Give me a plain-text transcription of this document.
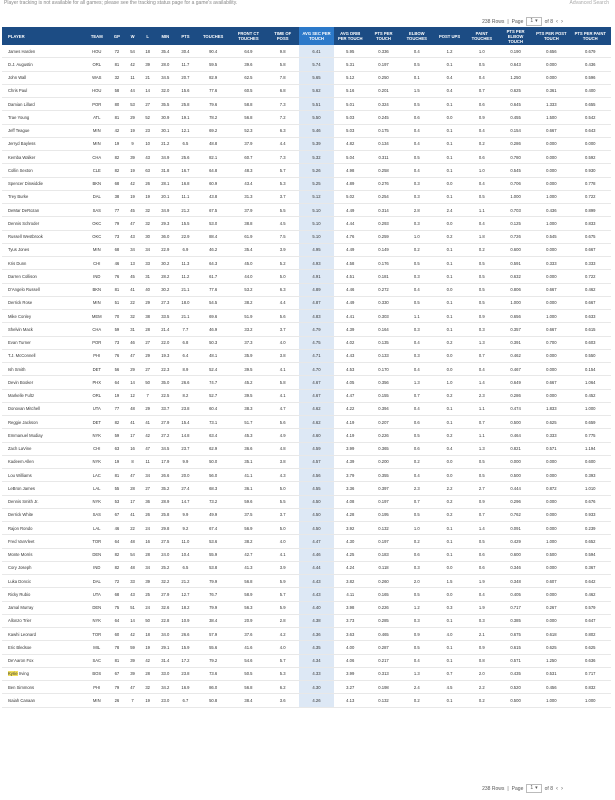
Player tracking is not available for all games; please see the tracking status page for a game's availability.	Advanced Search
238 Rows | Page 1 ▾ of 8 ‹ ›
PLAYER	TEAM	GP	W	L	MIN	PTS	TOUCHES	FRONT CT TOUCHES	TIME OF POSS	AVG SEC PER TOUCH	AVG DRIB PER TOUCH	PTS PER TOUCH	ELBOW TOUCHES	POST UPS	PAINT TOUCHES	PTS PER ELBOW TOUCH	PTS PER POST TOUCH	PTS PER PAINT TOUCH
James Harden	HOU	72	54	18	35.4	30.4	90.4	64.9	9.8	6.41	5.95	0.336	0.4	1.2	1.0	0.190	0.656	0.679
D.J. Augustin	ORL	81	42	39	28.0	11.7	59.5	39.6	5.8	5.74	5.31	0.197	0.5	0.1	0.5	0.643	0.000	0.436
John Wall	WAS	32	11	21	34.5	20.7	82.9	62.5	7.8	5.65	5.12	0.250	0.1	0.4	0.4	1.250	0.000	0.596
Chris Paul	HOU	58	44	14	32.0	15.6	77.6	60.5	6.8	5.62	5.16	0.201	1.5	0.4	0.7	0.625	0.361	0.400
Damian Lillard	POR	80	53	27	35.5	25.8	79.6	58.8	7.3	5.51	5.01	0.324	0.5	0.1	0.6	0.645	1.333	0.655
Trae Young	ATL	81	29	52	30.9	19.1	78.2	56.8	7.2	5.50	5.03	0.245	0.6	0.0	0.9	0.455	1.500	0.542
Jeff Teague	MIN	42	19	23	30.1	12.1	69.2	52.3	6.3	5.46	5.03	0.175	0.4	0.1	0.4	0.154	0.667	0.643
Jerryd Bayless	MIN	19	9	10	21.2	6.5	48.8	37.9	4.4	5.39	4.82	0.134	0.4	0.1	0.2	0.286	0.000	0.000
Kemba Walker	CHA	82	39	43	34.9	25.6	82.1	60.7	7.3	5.32	5.04	0.311	0.5	0.1	0.6	0.780	0.000	0.592
Collin Sexton	CLE	82	19	63	31.8	16.7	64.8	48.3	5.7	5.26	4.98	0.258	0.4	0.1	1.0	0.545	0.000	0.930
Spencer Dinwiddie	BKN	68	42	26	28.1	16.8	60.9	43.4	5.3	5.25	4.89	0.276	0.3	0.0	0.4	0.706	0.000	0.778
Trey Burke	DAL	38	19	19	20.1	11.1	43.8	31.3	3.7	5.12	5.02	0.254	0.3	0.1	0.5	1.000	1.000	0.722
DeMar DeRozan	SAS	77	45	32	34.9	21.2	67.5	37.9	5.5	5.10	4.49	0.314	2.8	2.4	1.1	0.703	0.436	0.899
Dennis Schroder	OKC	79	47	32	29.3	15.5	53.0	38.8	4.5	5.10	4.44	0.293	0.3	0.0	0.4	0.125	1.000	0.833
Russell Westbrook	OKC	73	43	30	36.0	22.9	88.4	61.9	7.5	5.10	4.76	0.259	1.0	0.2	1.8	0.726	0.545	0.675
Tyus Jones	MIN	68	34	34	22.9	6.9	46.2	35.4	3.9	4.95	4.49	0.149	0.2	0.1	0.2	0.600	0.000	0.667
Kris Dunn	CHI	46	13	33	30.2	11.3	64.3	45.0	5.2	4.93	4.58	0.176	0.5	0.1	0.5	0.591	0.333	0.333
Darren Collison	IND	76	45	31	28.2	11.2	61.7	44.0	5.0	4.91	4.51	0.181	0.3	0.1	0.5	0.632	0.000	0.722
D'Angelo Russell	BKN	81	41	40	30.2	21.1	77.6	53.2	6.3	4.89	4.46	0.272	0.4	0.0	0.5	0.806	0.667	0.462
Derrick Rose	MIN	51	22	29	27.3	18.0	54.5	38.2	4.4	4.87	4.49	0.330	0.5	0.1	0.5	1.000	0.000	0.667
Mike Conley	MEM	70	32	38	33.5	21.1	69.6	51.9	5.6	4.83	4.41	0.303	1.1	0.1	0.9	0.656	1.000	0.633
Shelvin Mack	CHA	59	31	28	21.4	7.7	46.9	33.2	3.7	4.79	4.39	0.164	0.3	0.1	0.3	0.357	0.667	0.615
Evan Turner	POR	73	46	27	22.0	6.8	50.3	37.3	4.0	4.75	4.02	0.135	0.4	0.2	1.3	0.391	0.700	0.603
T.J. McConnell	PHI	76	47	29	19.3	6.4	48.1	35.9	3.8	4.71	4.43	0.133	0.3	0.0	0.7	0.462	0.000	0.550
Ish Smith	DET	56	29	27	22.3	8.9	52.4	39.5	4.1	4.70	4.53	0.170	0.4	0.0	0.4	0.467	0.000	0.154
Devin Booker	PHX	64	14	50	35.0	26.6	74.7	45.2	5.8	4.67	4.05	0.356	1.3	1.0	1.4	0.649	0.667	1.064
Markelle Fultz	ORL	19	12	7	22.5	8.2	52.7	39.5	4.1	4.67	4.47	0.155	0.7	0.2	2.3	0.286	0.000	0.452
Donovan Mitchell	UTA	77	48	29	33.7	23.8	60.4	38.3	4.7	4.62	4.22	0.394	0.4	0.1	1.1	0.474	1.833	1.000
Reggie Jackson	DET	82	41	41	27.9	15.4	73.1	51.7	5.6	4.62	4.19	0.207	0.6	0.1	0.7	0.500	0.625	0.659
Emmanuel Mudiay	NYK	59	17	42	27.2	14.8	63.4	45.3	4.9	4.60	4.19	0.226	0.5	0.2	1.1	0.464	0.333	0.775
Zach LaVine	CHI	63	16	47	34.5	23.7	62.9	36.6	4.8	4.59	3.99	0.365	0.6	0.4	1.3	0.821	0.571	1.194
Kadeem Allen	NYK	19	8	11	17.9	9.9	50.0	35.1	3.8	4.57	4.39	0.200	0.2	0.0	0.5	0.000	0.000	0.600
Lou Williams	LAC	81	47	34	26.6	20.0	56.0	41.1	4.3	4.56	3.79	0.355	0.4	0.0	0.5	0.500	0.000	0.393
LeBron James	LAL	55	28	27	35.2	27.4	68.3	36.1	5.0	4.55	3.36	0.397	2.3	2.2	2.7	0.444	0.872	1.010
Dennis Smith Jr.	NYK	53	17	36	28.9	14.7	73.2	59.6	5.5	4.50	4.08	0.197	0.7	0.2	0.9	0.296	0.000	0.676
Derrick White	SAS	67	41	26	25.8	9.9	49.9	37.5	3.7	4.50	4.28	0.195	0.5	0.2	0.7	0.762	0.000	0.933
Rajon Rondo	LAL	46	22	24	29.8	9.2	67.4	56.9	5.0	4.50	3.92	0.132	1.0	0.1	1.4	0.091	0.000	0.239
Fred VanVleet	TOR	64	48	16	27.5	11.0	53.6	38.2	4.0	4.47	4.30	0.197	0.2	0.1	0.5	0.429	1.000	0.652
Monte Morris	DEN	82	54	28	24.0	10.4	55.9	42.7	4.1	4.46	4.25	0.183	0.6	0.1	0.6	0.600	0.500	0.594
Cory Joseph	IND	82	48	34	25.2	6.5	53.8	41.3	3.9	4.44	4.24	0.118	0.3	0.0	0.6	0.346	0.000	0.367
Luka Doncic	DAL	72	33	39	32.2	21.2	79.9	56.8	5.9	4.43	3.82	0.260	2.0	1.5	1.9	0.348	0.607	0.642
Ricky Rubio	UTA	68	43	25	27.9	12.7	76.7	58.9	5.7	4.43	4.11	0.165	0.5	0.0	0.4	0.405	0.000	0.462
Jamal Murray	DEN	75	51	24	32.6	18.2	79.9	56.3	5.9	4.40	3.98	0.226	1.2	0.3	1.9	0.717	0.267	0.579
Allonzo Trier	NYK	64	14	50	22.8	10.9	38.4	20.9	2.8	4.38	3.73	0.285	0.3	0.1	0.3	0.385	0.000	0.647
Kawhi Leonard	TOR	60	42	18	34.0	26.6	57.9	37.6	4.2	4.36	3.63	0.465	0.9	4.0	2.1	0.675	0.618	0.802
Eric Bledsoe	MIL	78	59	19	29.1	15.9	55.6	41.6	4.0	4.35	4.00	0.287	0.5	0.1	0.9	0.615	0.625	0.625
De'Aaron Fox	SAC	81	39	42	31.4	17.2	79.2	54.6	5.7	4.34	4.06	0.217	0.4	0.1	0.8	0.571	1.250	0.636
Kyrie Irving	BOS	67	39	28	33.0	23.8	73.6	50.5	5.3	4.33	3.99	0.313	1.3	0.7	2.0	0.435	0.531	0.717
Ben Simmons	PHI	79	47	32	34.2	16.9	86.0	56.8	6.2	4.30	3.27	0.198	2.4	4.5	2.2	0.520	0.456	0.832
Isaiah Canaan	MIN	26	7	19	23.0	6.7	50.8	38.4	3.6	4.26	4.13	0.132	0.2	0.1	0.2	0.500	1.000	1.000
238 Rows | Page 1 ▾ of 8 ‹ ›
